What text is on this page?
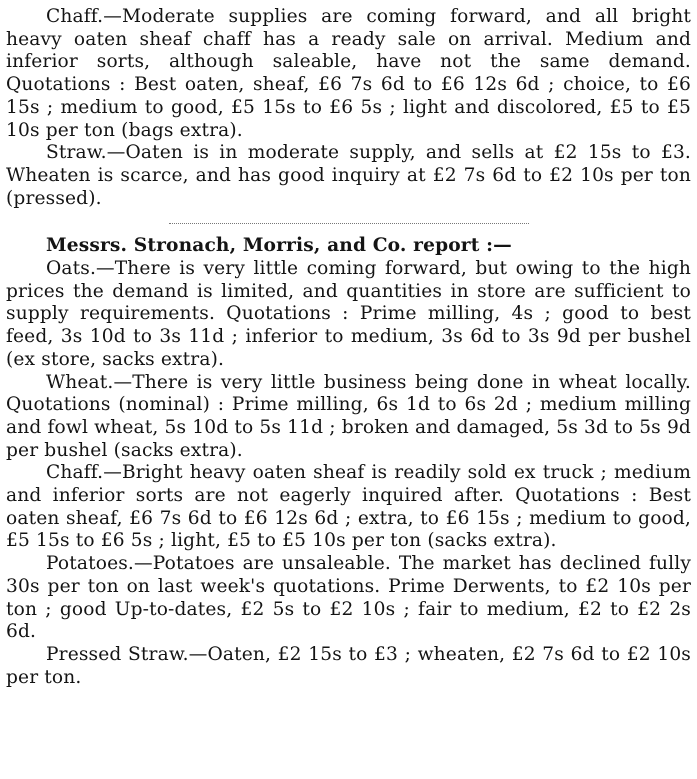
Chaff.—Moderate supplies are coming forward, and all bright heavy oaten sheaf chaff has a ready sale on arrival. Medium and inferior sorts, although saleable, have not the same demand. Quotations : Best oaten, sheaf, £6 7s 6d to £6 12s 6d ; choice, to £6 15s ; medium to good, £5 15s to £6 5s ; light and discolored, £5 to £5 10s per ton (bags extra).

Straw.—Oaten is in moderate supply, and sells at £2 15s to £3. Wheaten is scarce, and has good inquiry at £2 7s 6d to £2 10s per ton (pressed).

Messrs. Stronach, Morris, and Co. report :—

Oats.—There is very little coming forward, but owing to the high prices the demand is limited, and quantities in store are sufficient to supply requirements. Quotations : Prime milling, 4s ; good to best feed, 3s 10d to 3s 11d ; inferior to medium, 3s 6d to 3s 9d per bushel (ex store, sacks extra).

Wheat.—There is very little business being done in wheat locally. Quotations (nominal) : Prime milling, 6s 1d to 6s 2d ; medium milling and fowl wheat, 5s 10d to 5s 11d ; broken and damaged, 5s 3d to 5s 9d per bushel (sacks extra).

Chaff.—Bright heavy oaten sheaf is readily sold ex truck ; medium and inferior sorts are not eagerly inquired after. Quotations : Best oaten sheaf, £6 7s 6d to £6 12s 6d ; extra, to £6 15s ; medium to good, £5 15s to £6 5s ; light, £5 to £5 10s per ton (sacks extra).

Potatoes.—Potatoes are unsaleable. The market has declined fully 30s per ton on last week's quotations. Prime Derwents, to £2 10s per ton ; good Up-to-dates, £2 5s to £2 10s ; fair to medium, £2 to £2 2s 6d.

Pressed Straw.—Oaten, £2 15s to £3 ; wheaten, £2 7s 6d to £2 10s per ton.
